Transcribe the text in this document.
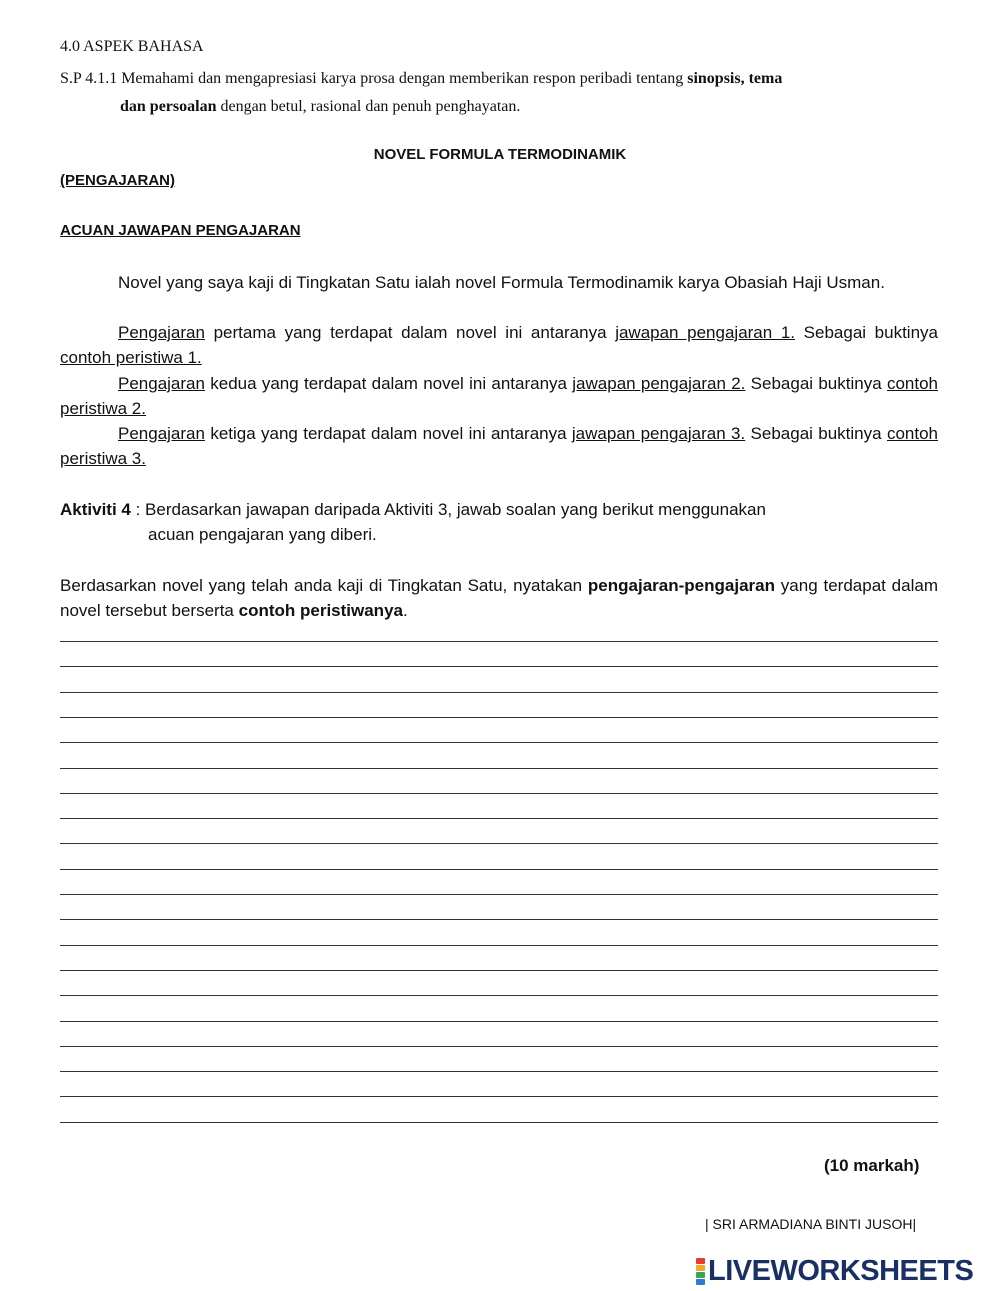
4.0 ASPEK BAHASA
S.P 4.1.1 Memahami dan mengapresiasi karya prosa dengan memberikan respon peribadi tentang sinopsis, tema
dan persoalan dengan betul, rasional dan penuh penghayatan.
NOVEL FORMULA TERMODINAMIK
(PENGAJARAN)
ACUAN JAWAPAN PENGAJARAN
Novel yang saya kaji di Tingkatan Satu ialah novel Formula Termodinamik karya Obasiah Haji Usman.
Pengajaran pertama yang terdapat dalam novel ini antaranya jawapan pengajaran 1. Sebagai buktinya contoh peristiwa 1.
Pengajaran kedua yang terdapat dalam novel ini antaranya jawapan pengajaran 2. Sebagai buktinya contoh peristiwa 2.
Pengajaran ketiga yang terdapat dalam novel ini antaranya jawapan pengajaran 3. Sebagai buktinya contoh peristiwa 3.
Aktiviti 4 : Berdasarkan jawapan daripada Aktiviti 3, jawab soalan yang berikut menggunakan
acuan pengajaran yang diberi.
Berdasarkan novel yang telah anda kaji di Tingkatan Satu, nyatakan pengajaran-pengajaran yang terdapat dalam novel tersebut berserta contoh peristiwanya.
(10 markah)
| SRI ARMADIANA BINTI JUSOH|
LIVEWORKSHEETS
